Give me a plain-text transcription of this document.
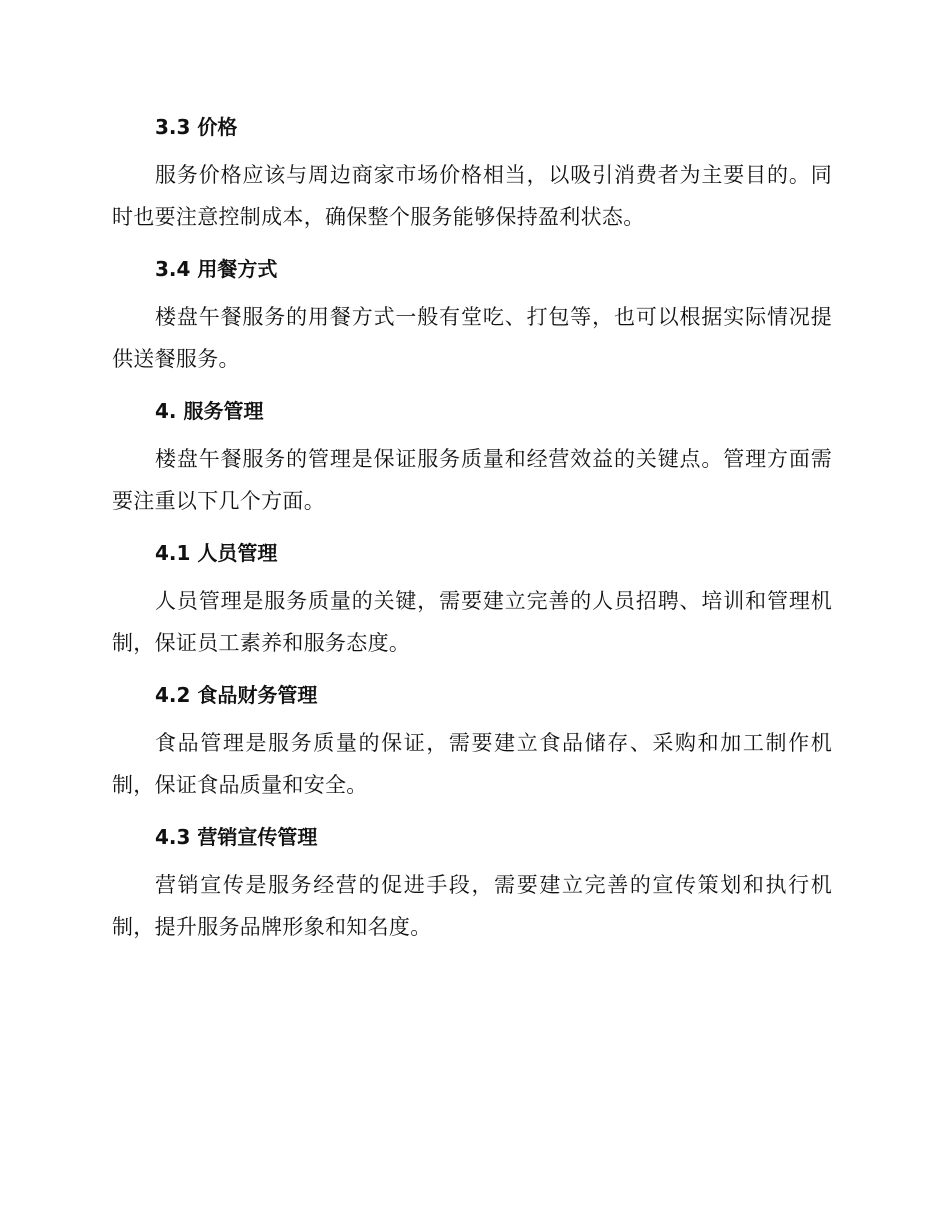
3.3 价格

服务价格应该与周边商家市场价格相当，以吸引消费者为主要目的。同时也要注意控制成本，确保整个服务能够保持盈利状态。

3.4 用餐方式

楼盘午餐服务的用餐方式一般有堂吃、打包等，也可以根据实际情况提供送餐服务。

4. 服务管理

楼盘午餐服务的管理是保证服务质量和经营效益的关键点。管理方面需要注重以下几个方面。

4.1 人员管理

人员管理是服务质量的关键，需要建立完善的人员招聘、培训和管理机制，保证员工素养和服务态度。

4.2 食品财务管理

食品管理是服务质量的保证，需要建立食品储存、采购和加工制作机制，保证食品质量和安全。

4.3 营销宣传管理

营销宣传是服务经营的促进手段，需要建立完善的宣传策划和执行机制，提升服务品牌形象和知名度。
